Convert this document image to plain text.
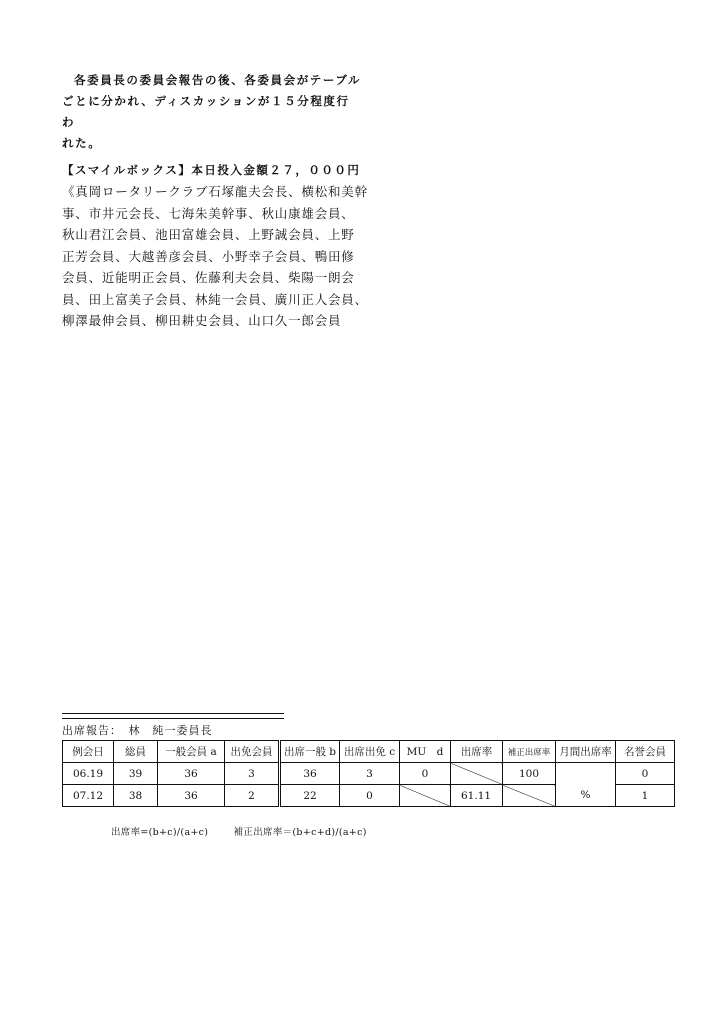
各委員長の委員会報告の後、各委員会がテーブル
ごとに分かれ、ディスカッションが１５分程度行わ
れた。
【スマイルボックス】本日投入金額２７，０００円
《真岡ロータリークラブ石塚龍夫会長、横松和美幹
事、市井元会長、七海朱美幹事、秋山康雄会員、
秋山君江会員、池田富雄会員、上野誠会員、上野
正芳会員、大越善彦会員、小野幸子会員、鴨田修
会員、近能明正会員、佐藤利夫会員、柴陽一朗会
員、田上富美子会員、林純一会員、廣川正人会員、
柳澤最伸会員、柳田耕史会員、山口久一郎会員
出席報告：　林　純一委員長
例会日	総員	一般会員 a	出免会員	出席一般 b	出席出免 c	MU　d	出席率	補正出席率	月間出席率	名誉会員
06.19	39	36	3	36	3	0		100		0
07.12	38	36	2	22	0		61.11		%	1
出席率=(b+c)/(a+c)	補正出席率＝(b+c+d)/(a+c)
